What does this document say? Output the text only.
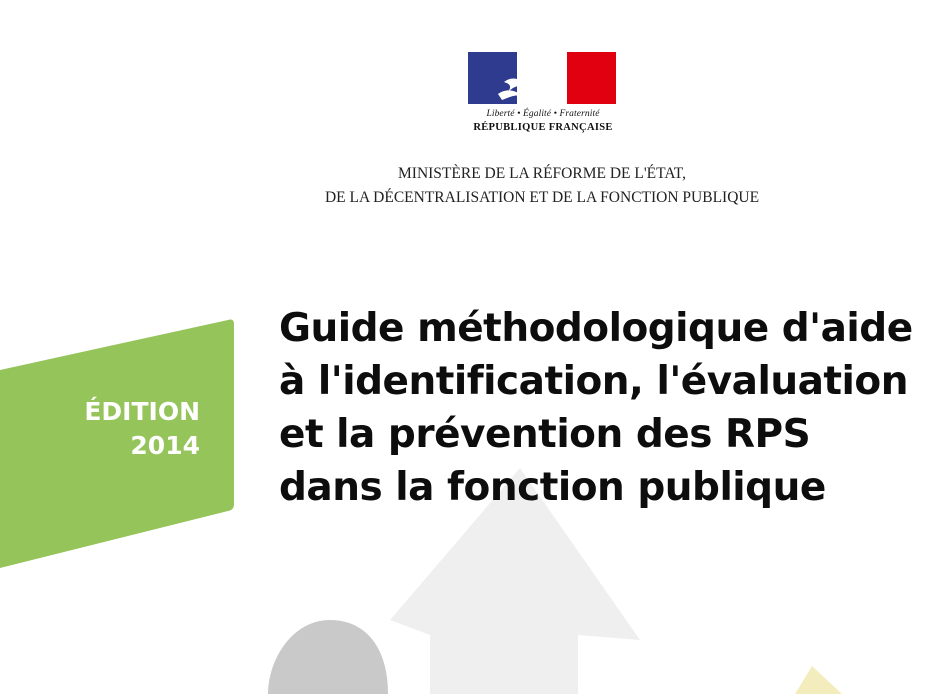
Liberté • Égalité • Fraternité
RÉPUBLIQUE FRANÇAISE
MINISTÈRE DE LA RÉFORME DE L'ÉTAT,
DE LA DÉCENTRALISATION ET DE LA FONCTION PUBLIQUE
ÉDITION
2014
Guide méthodologique d'aide
à l'identification, l'évaluation
et la prévention des RPS
dans la fonction publique
